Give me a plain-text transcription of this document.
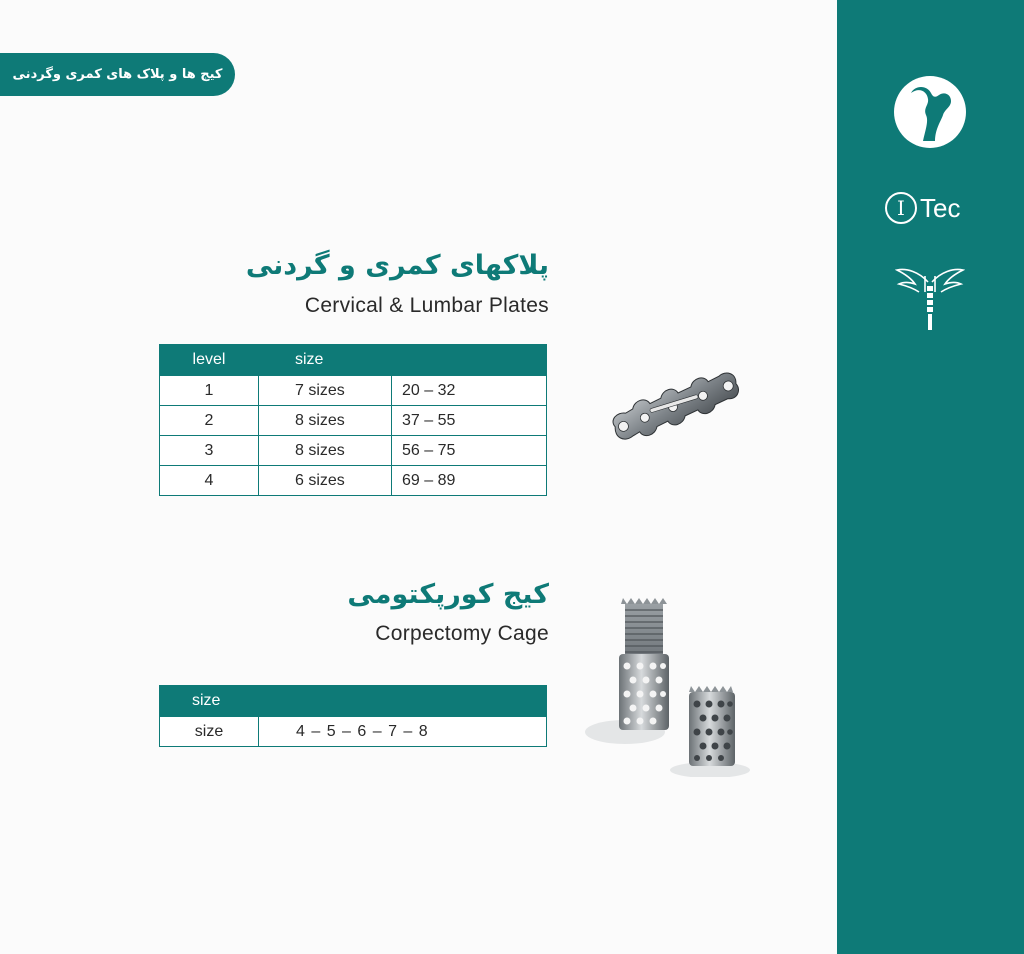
I Tec
کیج ها و پلاک های کمری وگردنی
پلاکهای کمری و گردنی
Cervical & Lumbar Plates
level	size	
1	7 sizes	20 – 32
2	8 sizes	37 – 55
3	8 sizes	56 – 75
4	6 sizes	69 – 89
کیج کورپکتومی
Corpectomy Cage
size
size	4 – 5 – 6 – 7 – 8
